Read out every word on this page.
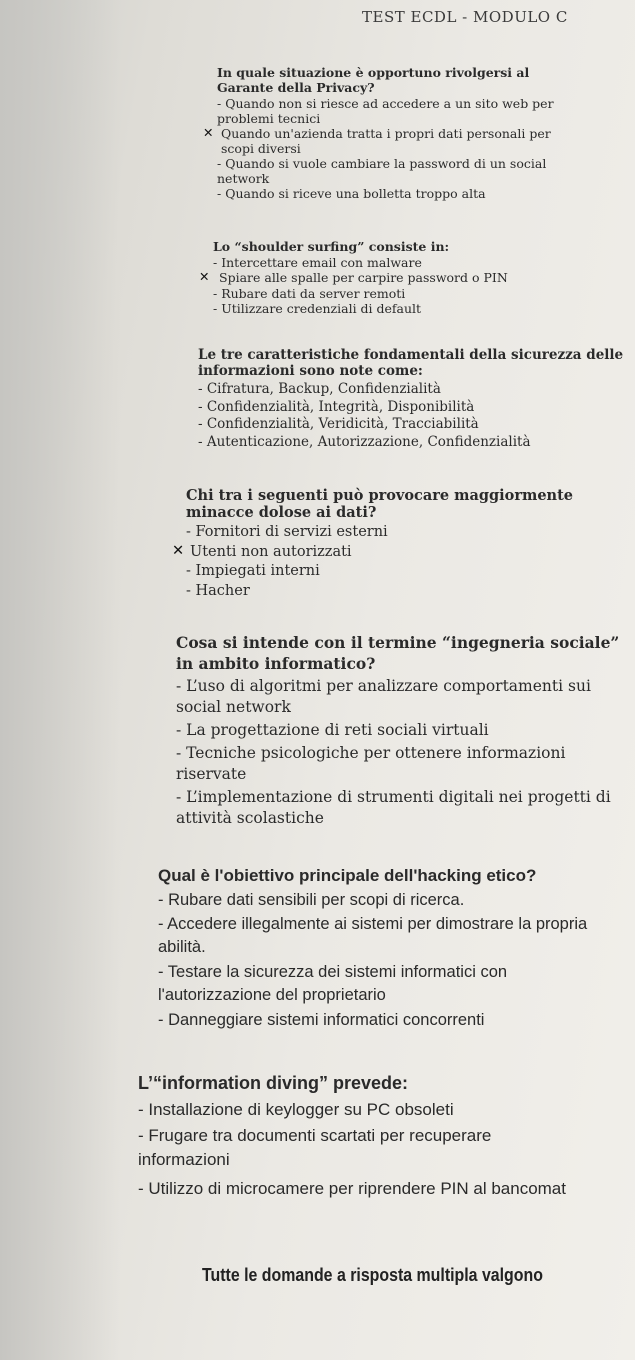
TEST ECDL - MODULO C

In quale situazione è opportuno rivolgersi al Garante della Privacy?

- Quando non si riesce ad accedere a un sito web per problemi tecnici

✕ Quando un'azienda tratta i propri dati personali per scopi diversi

- Quando si vuole cambiare la password di un social network

- Quando si riceve una bolletta troppo alta

Lo “shoulder surfing” consiste in:

- Intercettare email con malware

✕ Spiare alle spalle per carpire password o PIN

- Rubare dati da server remoti

- Utilizzare credenziali di default

Le tre caratteristiche fondamentali della sicurezza delle informazioni sono note come:

- Cifratura, Backup, Confidenzialità

- Confidenzialità, Integrità, Disponibilità

- Confidenzialità, Veridicità, Tracciabilità

- Autenticazione, Autorizzazione, Confidenzialità

Chi tra i seguenti può provocare maggiormente minacce dolose ai dati?

- Fornitori di servizi esterni

✕ Utenti non autorizzati

- Impiegati interni

- Hacher

Cosa si intende con il termine “ingegneria sociale” in ambito informatico?

- L’uso di algoritmi per analizzare comportamenti sui social network

- La progettazione di reti sociali virtuali

- Tecniche psicologiche per ottenere informazioni riservate

- L’implementazione di strumenti digitali nei progetti di attività scolastiche

Qual è l'obiettivo principale dell'hacking etico?

- Rubare dati sensibili per scopi di ricerca.

- Accedere illegalmente ai sistemi per dimostrare la propria abilità.

- Testare la sicurezza dei sistemi informatici con l'autorizzazione del proprietario

- Danneggiare sistemi informatici concorrenti

L’“information diving” prevede:

- Installazione di keylogger su PC obsoleti

- Frugare tra documenti scartati per recuperare informazioni

- Utilizzo di microcamere per riprendere PIN al bancomat

Tutte le domande a risposta multipla valgono
